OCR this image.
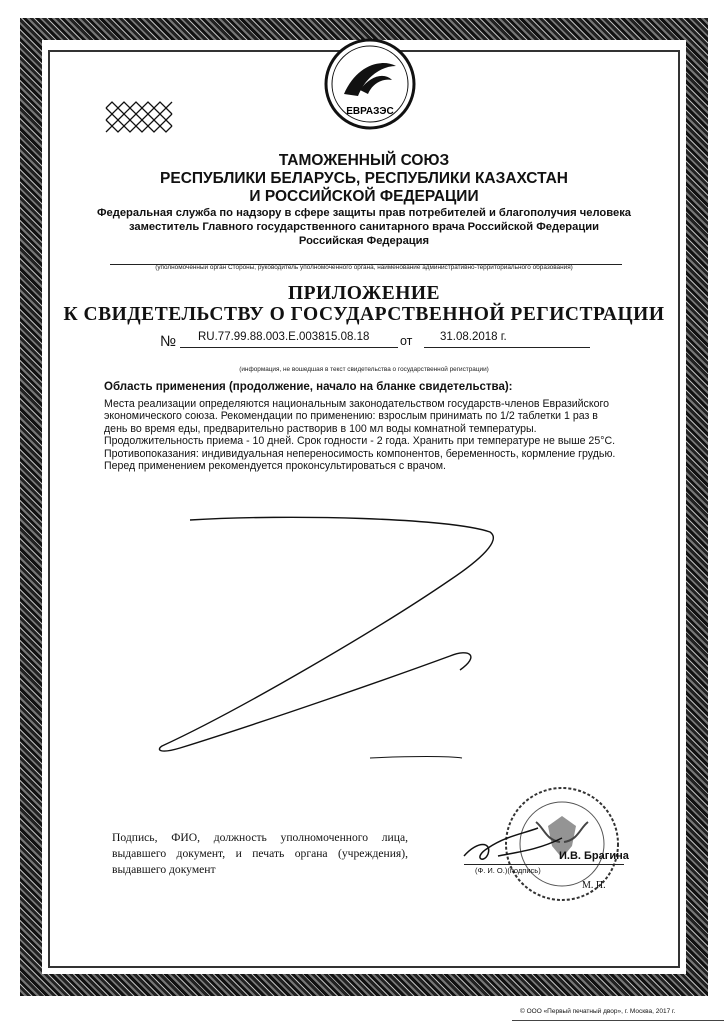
ЕВРАЗЭС
ТАМОЖЕННЫЙ СОЮЗ
РЕСПУБЛИКИ БЕЛАРУСЬ, РЕСПУБЛИКИ КАЗАХСТАН
И РОССИЙСКОЙ ФЕДЕРАЦИИ
Федеральная служба по надзору в сфере защиты прав потребителей и благополучия человека
заместитель Главного государственного санитарного врача Российской Федерации
Российская Федерация
(уполномоченный орган Стороны, руководитель уполномоченного органа, наименование административно-территориального образования)
ПРИЛОЖЕНИЕ
К СВИДЕТЕЛЬСТВУ О ГОСУДАРСТВЕННОЙ РЕГИСТРАЦИИ
№ RU.77.99.88.003.E.003815.08.18 от 31.08.2018 г.
(информация, не вошедшая в текст свидетельства о государственной регистрации)
Область применения (продолжение, начало на бланке свидетельства):
Места реализации определяются национальным законодательством государств-членов Евразийского экономического союза. Рекомендации по применению: взрослым принимать по 1/2 таблетки 1 раз в день во время еды, предварительно растворив в 100 мл воды комнатной температуры. Продолжительность приема - 10 дней. Срок годности - 2 года. Хранить при температуре не выше 25°С. Противопоказания: индивидуальная непереносимость компонентов, беременность, кормление грудью. Перед применением рекомендуется проконсультироваться с врачом.
Подпись, ФИО, должность уполномоченного лица, выдавшего документ, и печать органа (учреждения), выдавшего документ
И.В. Брагина
(Ф. И. О.)(подпись)
М. П.
© ООО «Первый печатный двор», г. Москва, 2017 г.
